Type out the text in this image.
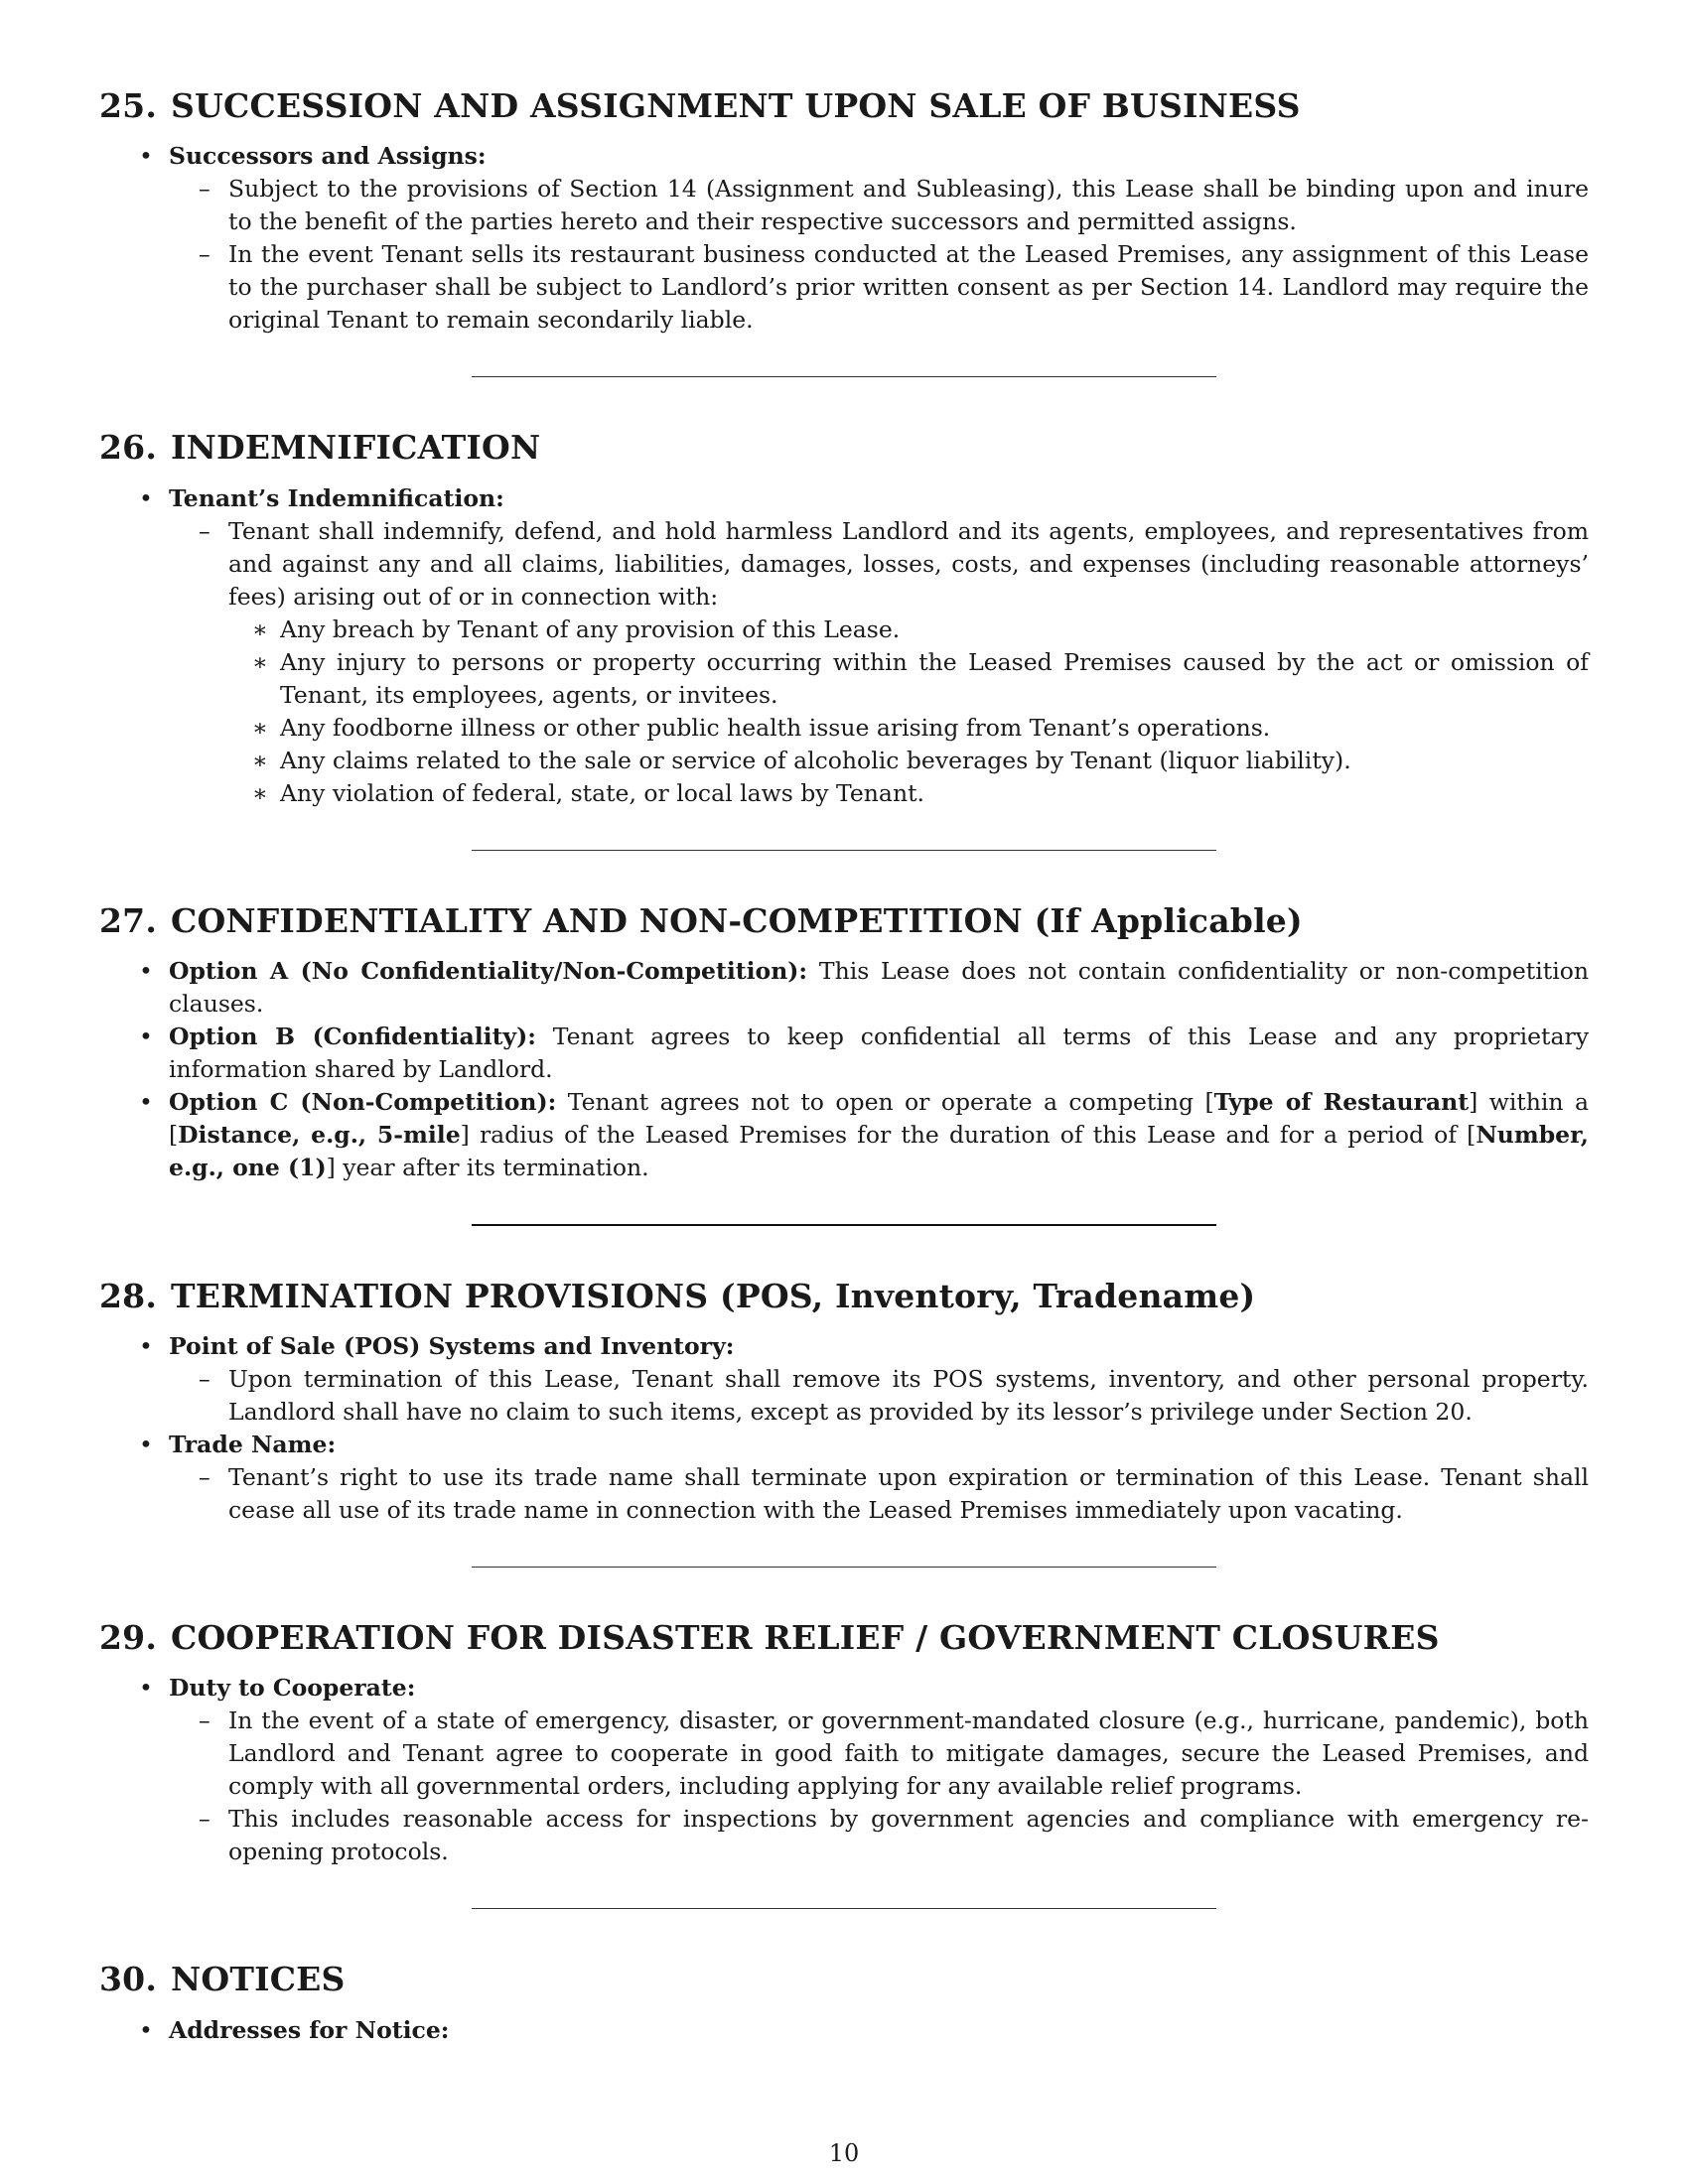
25. SUCCESSION AND ASSIGNMENT UPON SALE OF BUSINESS
• Successors and Assigns:
– Subject to the provisions of Section 14 (Assignment and Subleasing), this Lease shall be binding upon and inure to the benefit of the parties hereto and their respective successors and permitted assigns.
– In the event Tenant sells its restaurant business conducted at the Leased Premises, any assignment of this Lease to the purchaser shall be subject to Landlord’s prior written consent as per Section 14. Landlord may require the original Tenant to remain secondarily liable.
26. INDEMNIFICATION
• Tenant’s Indemnification:
– Tenant shall indemnify, defend, and hold harmless Landlord and its agents, employees, and representatives from and against any and all claims, liabilities, damages, losses, costs, and expenses (including reasonable attorneys’ fees) arising out of or in connection with:
∗ Any breach by Tenant of any provision of this Lease.
∗ Any injury to persons or property occurring within the Leased Premises caused by the act or omission of Tenant, its employees, agents, or invitees.
∗ Any foodborne illness or other public health issue arising from Tenant’s operations.
∗ Any claims related to the sale or service of alcoholic beverages by Tenant (liquor liability).
∗ Any violation of federal, state, or local laws by Tenant.
27. CONFIDENTIALITY AND NON-COMPETITION (If Applicable)
• Option A (No Confidentiality/Non-Competition): This Lease does not contain confidentiality or non-competition clauses.
• Option B (Confidentiality): Tenant agrees to keep confidential all terms of this Lease and any proprietary information shared by Landlord.
• Option C (Non-Competition): Tenant agrees not to open or operate a competing [Type of Restaurant] within a [Distance, e.g., 5-mile] radius of the Leased Premises for the duration of this Lease and for a period of [Number, e.g., one (1)] year after its termination.
28. TERMINATION PROVISIONS (POS, Inventory, Tradename)
• Point of Sale (POS) Systems and Inventory:
– Upon termination of this Lease, Tenant shall remove its POS systems, inventory, and other personal property. Landlord shall have no claim to such items, except as provided by its lessor’s privilege under Section 20.
• Trade Name:
– Tenant’s right to use its trade name shall terminate upon expiration or termination of this Lease. Tenant shall cease all use of its trade name in connection with the Leased Premises immediately upon vacating.
29. COOPERATION FOR DISASTER RELIEF / GOVERNMENT CLOSURES
• Duty to Cooperate:
– In the event of a state of emergency, disaster, or government-mandated closure (e.g., hurricane, pandemic), both Landlord and Tenant agree to cooperate in good faith to mitigate damages, secure the Leased Premises, and comply with all governmental orders, including applying for any available relief programs.
– This includes reasonable access for inspections by government agencies and compliance with emergency re-opening protocols.
30. NOTICES
• Addresses for Notice:
10
